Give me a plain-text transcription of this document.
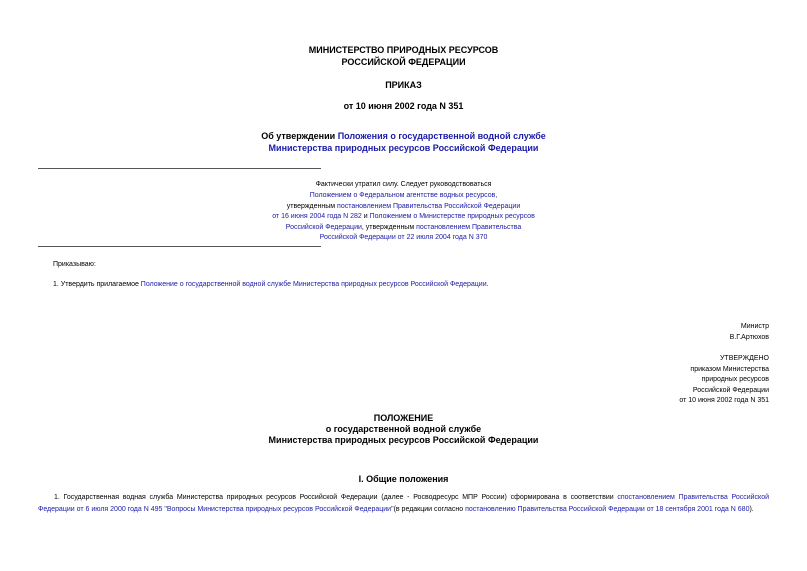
МИНИСТЕРСТВО ПРИРОДНЫХ РЕСУРСОВ
РОССИЙСКОЙ ФЕДЕРАЦИИ
ПРИКАЗ
от 10 июня 2002 года N 351
Об утверждении Положения о государственной водной службе
Министерства природных ресурсов Российской Федерации
Фактически утратил силу. Следует руководствоваться
Положением о Федеральном агентстве водных ресурсов,
утвержденным постановлением Правительства Российской Федерации
от 16 июня 2004 года N 282 и Положением о Министерстве природных ресурсов
Российской Федерации, утвержденным постановлением Правительства
Российской Федерации от 22 июля 2004 года N 370
Приказываю:
1. Утвердить прилагаемое Положение о государственной водной службе Министерства природных ресурсов Российской Федерации.
Министр
В.Г.Артюхов
УТВЕРЖДЕНО
приказом Министерства
природных ресурсов
Российской Федерации
от 10 июня 2002 года N 351
ПОЛОЖЕНИЕ
о государственной водной службе
Министерства природных ресурсов Российской Федерации
I. Общие положения
1. Государственная водная служба Министерства природных ресурсов Российской Федерации (далее - Росводресурс МПР России) сформирована в соответствии спостановлением Правительства Российской Федерации от 6 июля 2000 года N 495 "Вопросы Министерства природных ресурсов Российской Федерации"(в редакции согласно постановлению Правительства Российской Федерации от 18 сентября 2001 года N 680).
